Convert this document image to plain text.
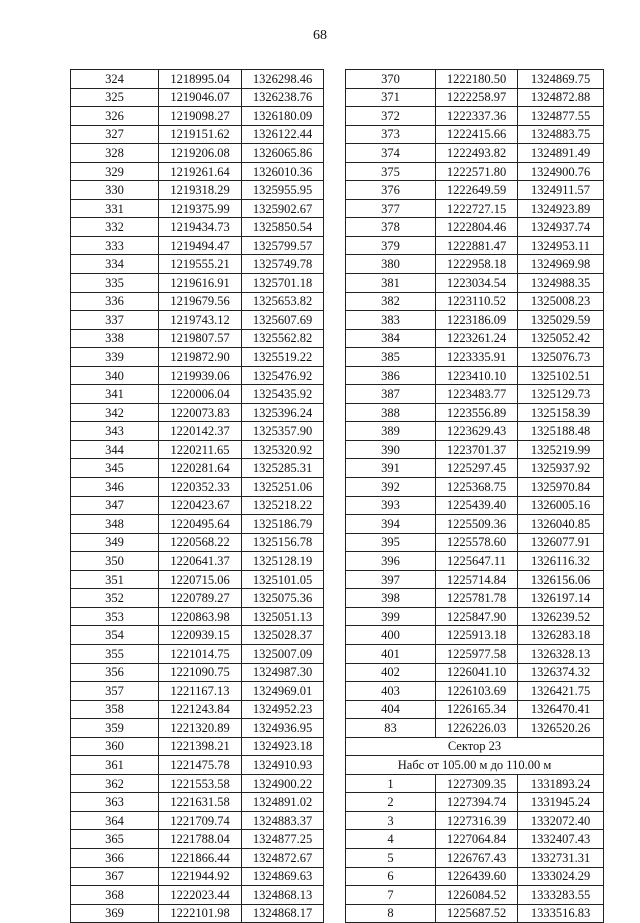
68
324	1218995.04	1326298.46
325	1219046.07	1326238.76
326	1219098.27	1326180.09
327	1219151.62	1326122.44
328	1219206.08	1326065.86
329	1219261.64	1326010.36
330	1219318.29	1325955.95
331	1219375.99	1325902.67
332	1219434.73	1325850.54
333	1219494.47	1325799.57
334	1219555.21	1325749.78
335	1219616.91	1325701.18
336	1219679.56	1325653.82
337	1219743.12	1325607.69
338	1219807.57	1325562.82
339	1219872.90	1325519.22
340	1219939.06	1325476.92
341	1220006.04	1325435.92
342	1220073.83	1325396.24
343	1220142.37	1325357.90
344	1220211.65	1325320.92
345	1220281.64	1325285.31
346	1220352.33	1325251.06
347	1220423.67	1325218.22
348	1220495.64	1325186.79
349	1220568.22	1325156.78
350	1220641.37	1325128.19
351	1220715.06	1325101.05
352	1220789.27	1325075.36
353	1220863.98	1325051.13
354	1220939.15	1325028.37
355	1221014.75	1325007.09
356	1221090.75	1324987.30
357	1221167.13	1324969.01
358	1221243.84	1324952.23
359	1221320.89	1324936.95
360	1221398.21	1324923.18
361	1221475.78	1324910.93
362	1221553.58	1324900.22
363	1221631.58	1324891.02
364	1221709.74	1324883.37
365	1221788.04	1324877.25
366	1221866.44	1324872.67
367	1221944.92	1324869.63
368	1222023.44	1324868.13
369	1222101.98	1324868.17
370	1222180.50	1324869.75
371	1222258.97	1324872.88
372	1222337.36	1324877.55
373	1222415.66	1324883.75
374	1222493.82	1324891.49
375	1222571.80	1324900.76
376	1222649.59	1324911.57
377	1222727.15	1324923.89
378	1222804.46	1324937.74
379	1222881.47	1324953.11
380	1222958.18	1324969.98
381	1223034.54	1324988.35
382	1223110.52	1325008.23
383	1223186.09	1325029.59
384	1223261.24	1325052.42
385	1223335.91	1325076.73
386	1223410.10	1325102.51
387	1223483.77	1325129.73
388	1223556.89	1325158.39
389	1223629.43	1325188.48
390	1223701.37	1325219.99
391	1225297.45	1325937.92
392	1225368.75	1325970.84
393	1225439.40	1326005.16
394	1225509.36	1326040.85
395	1225578.60	1326077.91
396	1225647.11	1326116.32
397	1225714.84	1326156.06
398	1225781.78	1326197.14
399	1225847.90	1326239.52
400	1225913.18	1326283.18
401	1225977.58	1326328.13
402	1226041.10	1326374.32
403	1226103.69	1326421.75
404	1226165.34	1326470.41
83	1226226.03	1326520.26
Сектор 23		
Набс от 105.00 м до 110.00 м		
1	1227309.35	1331893.24
2	1227394.74	1331945.24
3	1227316.39	1332072.40
4	1227064.84	1332407.43
5	1226767.43	1332731.31
6	1226439.60	1333024.29
7	1226084.52	1333283.55
8	1225687.52	1333516.83
